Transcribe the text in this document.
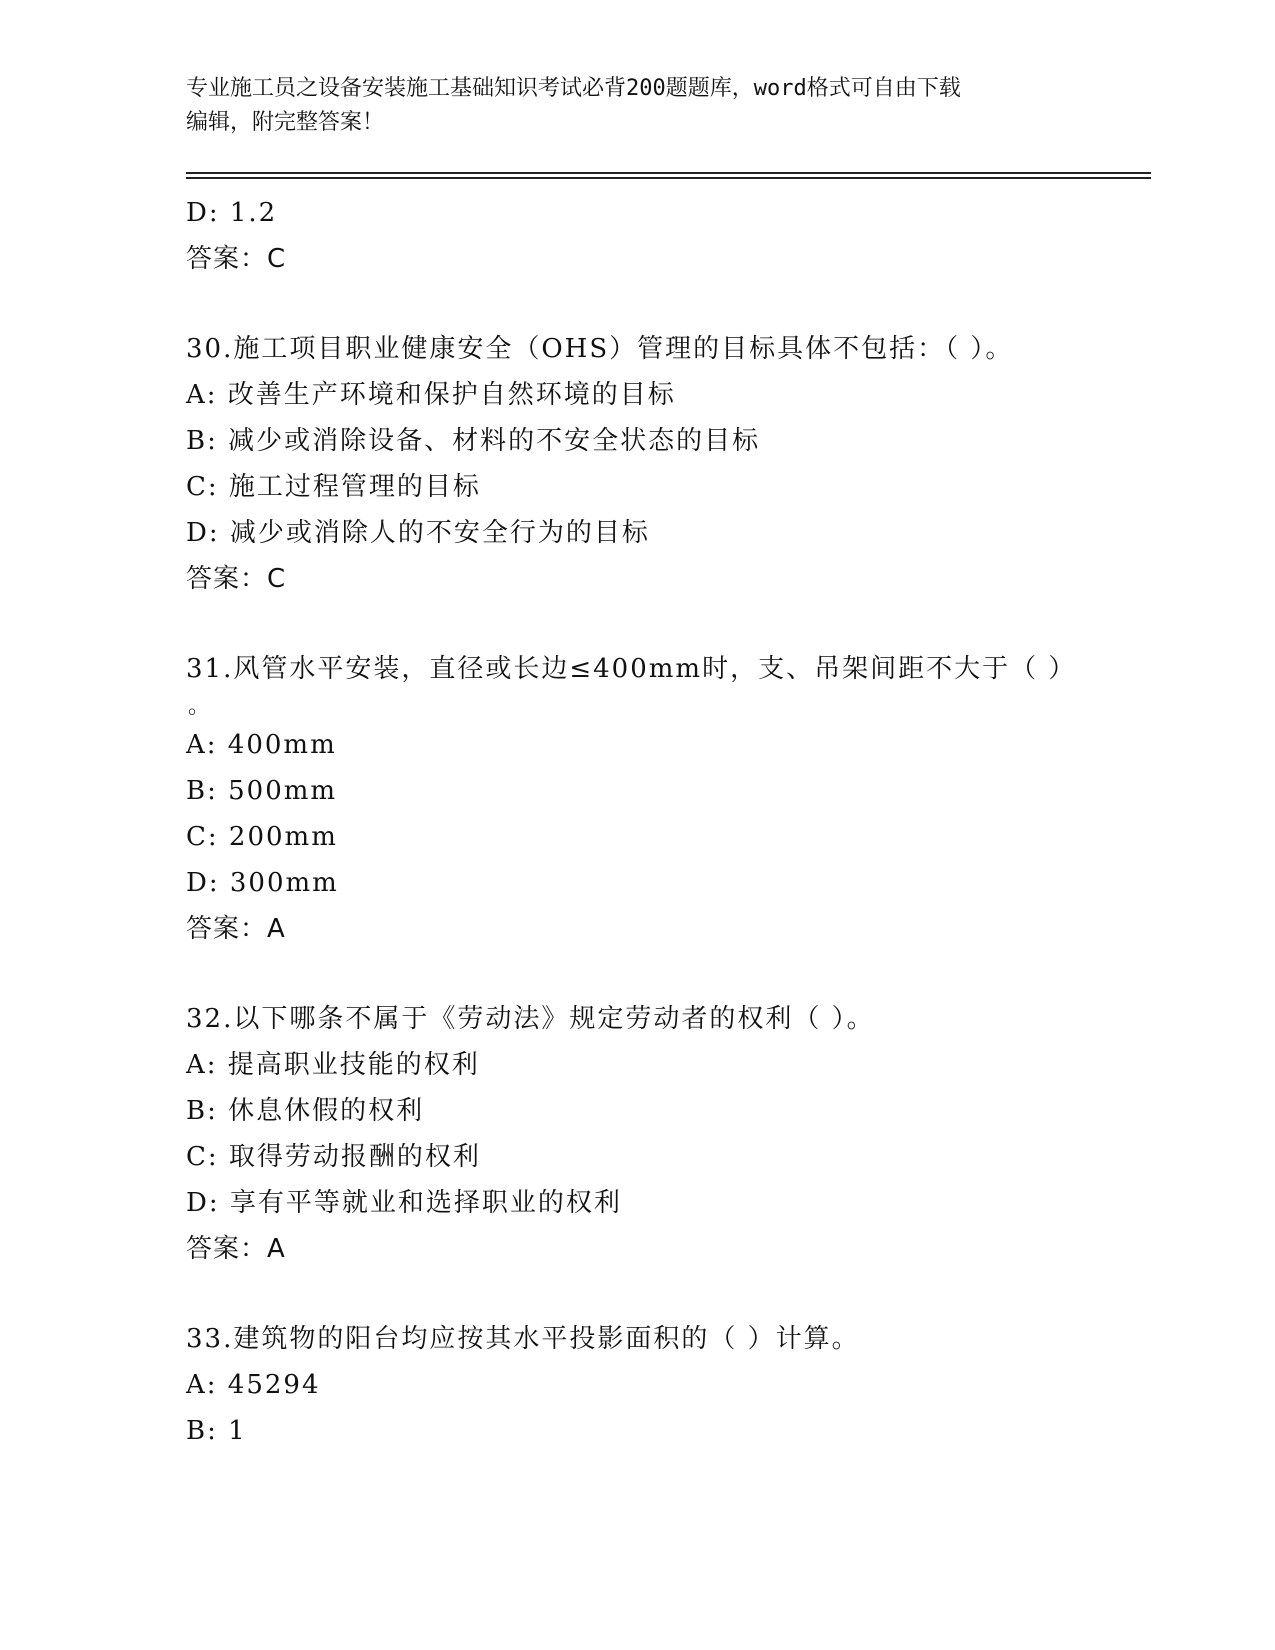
专业施工员之设备安装施工基础知识考试必背200题题库，word格式可自由下载
编辑，附完整答案！
D: 1.2
答案：C
30.施工项目职业健康安全（OHS）管理的目标具体不包括：（ ）。
A: 改善生产环境和保护自然环境的目标
B: 减少或消除设备、材料的不安全状态的目标
C: 施工过程管理的目标
D: 减少或消除人的不安全行为的目标
答案：C
31.风管水平安装，直径或长边≤400mm时，支、吊架间距不大于（ ）
。
A: 400mm
B: 500mm
C: 200mm
D: 300mm
答案：A
32.以下哪条不属于《劳动法》规定劳动者的权利（ ）。
A: 提高职业技能的权利
B: 休息休假的权利
C: 取得劳动报酬的权利
D: 享有平等就业和选择职业的权利
答案：A
33.建筑物的阳台均应按其水平投影面积的（ ）计算。
A: 45294
B: 1
